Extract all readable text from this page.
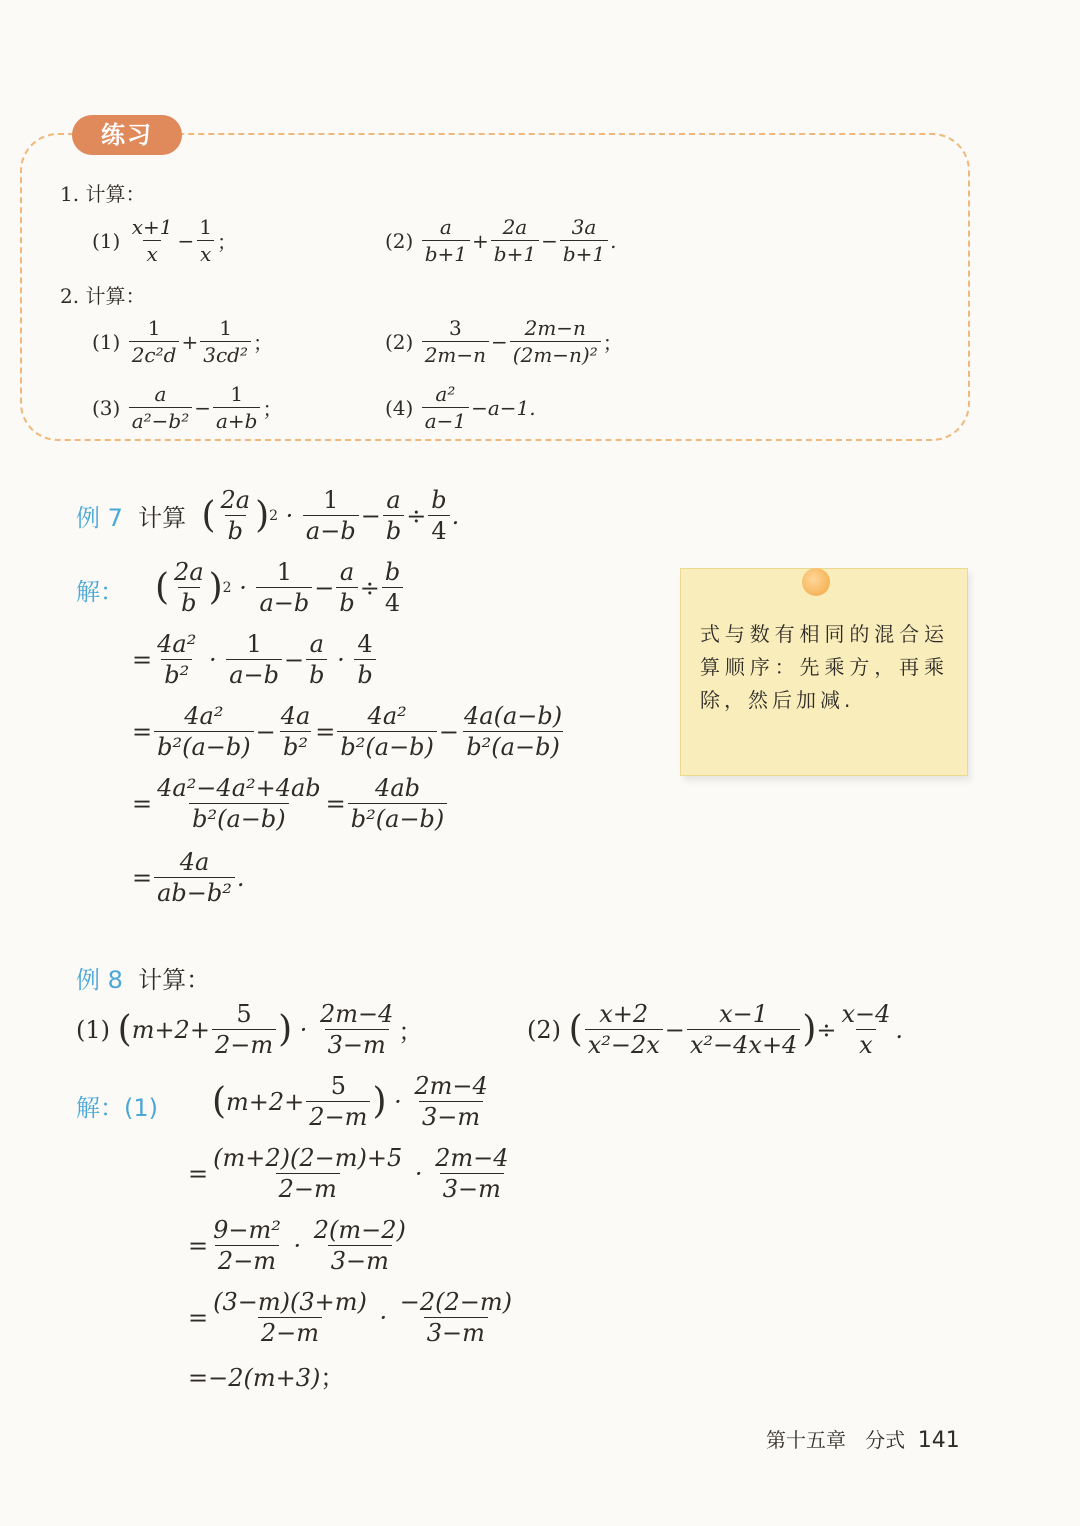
练习
1. 计算：
(1)

x+1
x
−
1
x ；	(2)

a
b+1
+
2a
b+1
−
3a
b+1
.
2. 计算：
(1)

1
2c²d
+
1
3cd² ；	(2)

3
2m−n
−
2m−n
(2m−n)² ；
(3)

a
a²−b²
−
1
a+b ；	(4)

a²
a−1
−a−1.
例 7
计算
( 2a
b ) 2 ·
1
a−b
−
a
b
÷
b
4
.
解： ( 2a
b ) 2 ·
1
a−b
−
a
b
÷
b
4
=
4a²
b²
·
1
a−b
−
a
b
·
4
b
=
4a²
b²(a−b)
−
4a
b²
=
4a²
b²(a−b)
−
4a(a−b)
b²(a−b)
=
4a²−4a²+4ab
b²(a−b)
=
4ab
b²(a−b)
=
4a
ab−b²
.
式与数有相同的混合运算顺序：先乘方，再乘除，然后加减.
例 8
计算：
(1)
( m+2+
5
2−m ) ·
2m−4
3−m ；	(2)
( x+2
x²−2x
−
x−1
x²−4x+4 ) ÷
x−4
x
.
解：(1) ( m+2+
5
2−m ) ·
2m−4
3−m
=
(m+2)(2−m)+5
2−m
·
2m−4
3−m
=
9−m²
2−m
·
2(m−2)
3−m
=
(3−m)(3+m)
2−m
·
−2(2−m)
3−m
=−2(m+3)；
第十五章 分式 141
